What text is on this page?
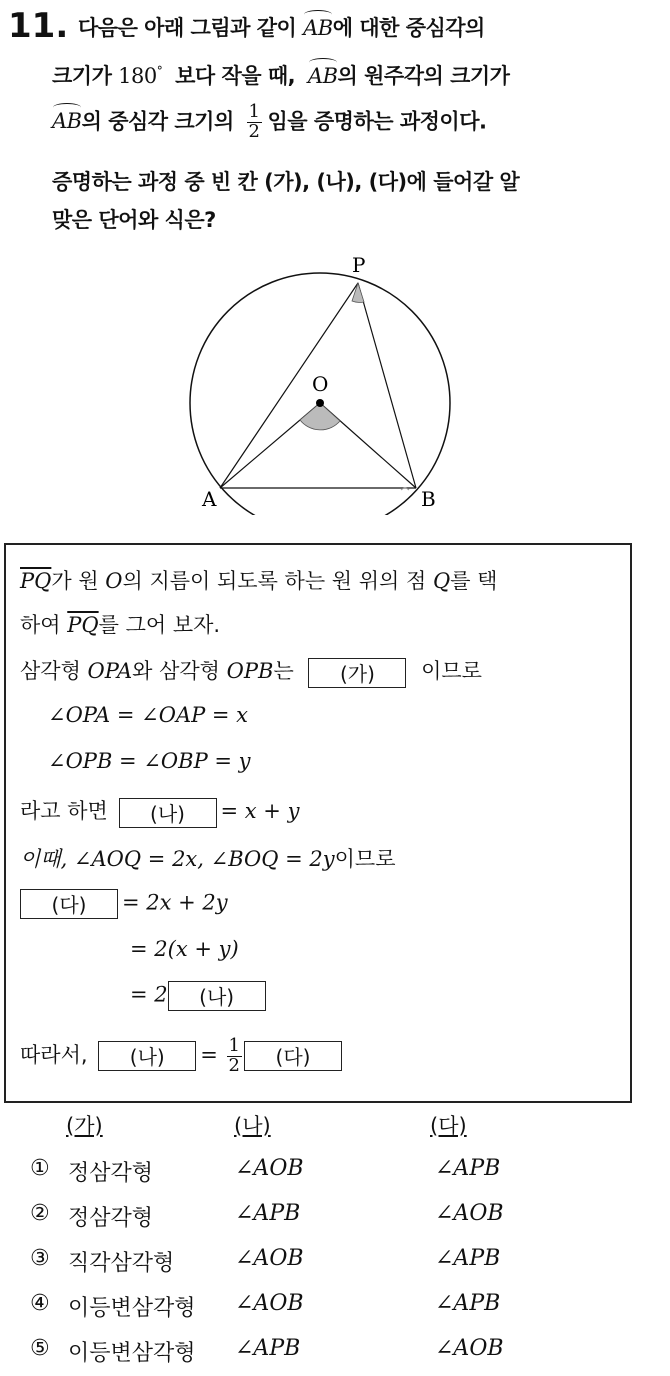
11. 다음은 아래 그림과 같이 AB에 대한 중심각의
크기가 180° 보다 작을 때, AB의 원주각의 크기가
AB의 중심각 크기의 $\frac{1}{2}$ 임을 증명하는 과정이다.
증명하는 과정 중 빈 칸 (가), (나), (다)에 들어갈 알
맞은 단어와 식은?
P
O
A	B
$\overline{PQ}$가 원 O의 지름이 되도록 하는 원 위의 점 Q를 택
하여 $\overline{PQ}$를 그어 보자.
삼각형 OPA와 삼각형 OPB는 (가) 이므로
∠OPA = ∠OAP = x
∠OPB = ∠OBP = y
라고 하면 (나) = x + y
이때, ∠AOQ = 2x, ∠BOQ = 2y이므로
(다) = 2x + 2y
= 2(x + y)
= 2 (나)
따라서, (나) = $\frac{1}{2}$ (다)
(가)	(나)	(다)
① 정삼각형	∠AOB	∠APB
② 정삼각형	∠APB	∠AOB
③ 직각삼각형	∠AOB	∠APB
④ 이등변삼각형 ∠AOB	∠APB
⑤ 이등변삼각형 ∠APB	∠AOB
